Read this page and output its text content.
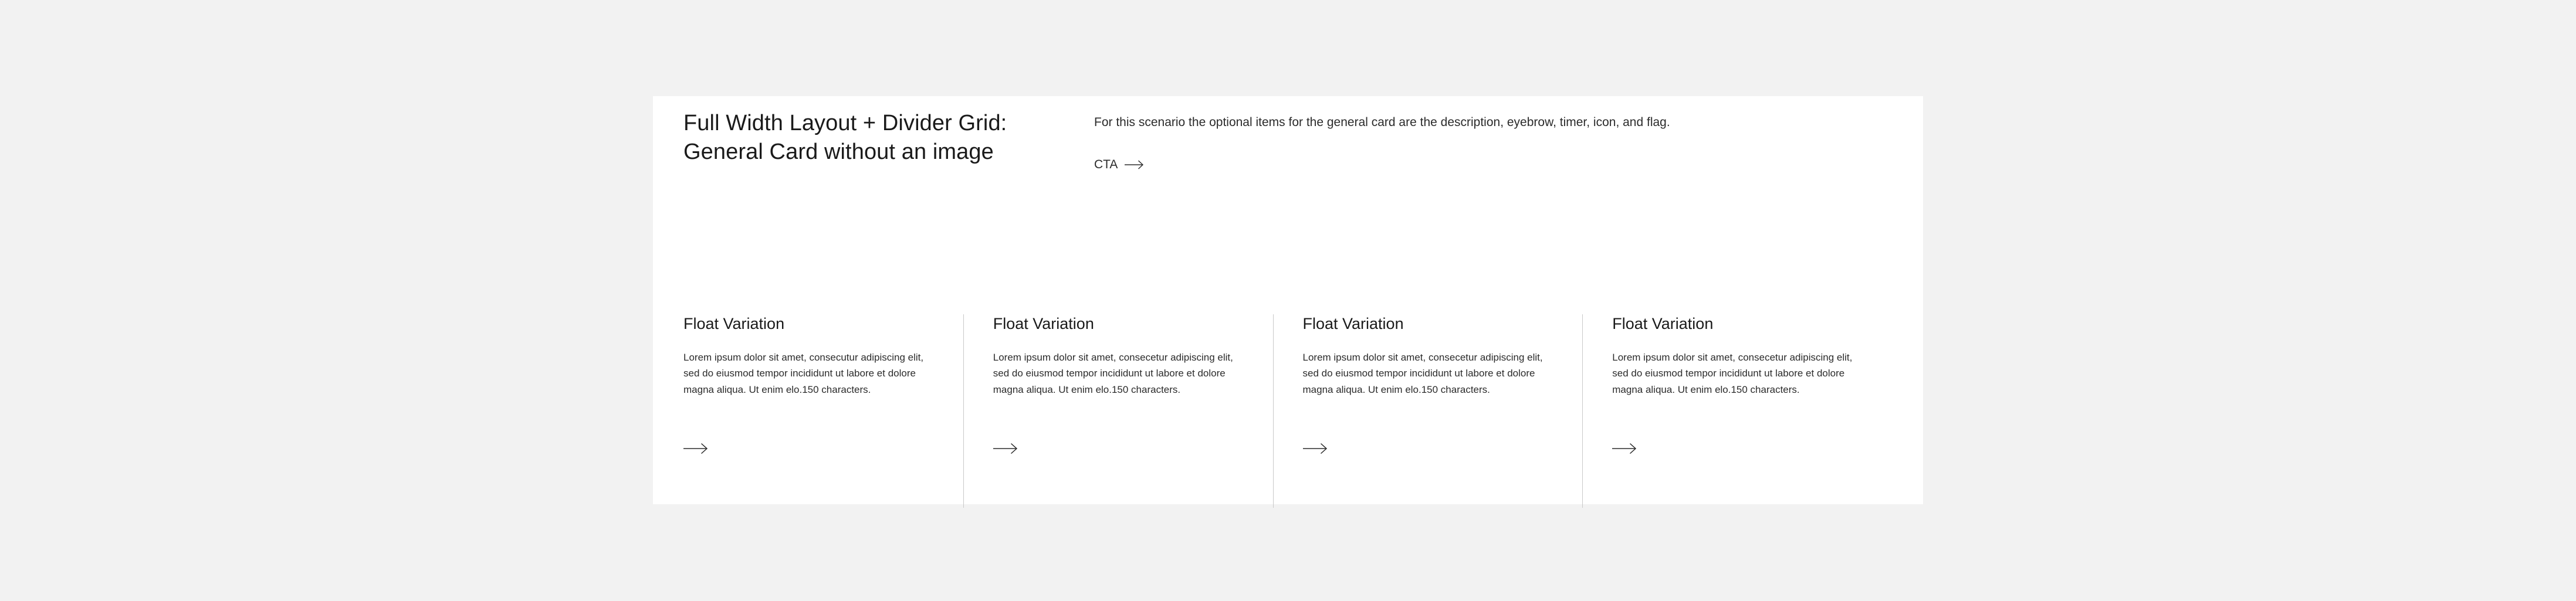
Full Width Layout + Divider Grid: General Card without an image

For this scenario the optional items for the general card are the description, eyebrow, timer, icon, and flag.

CTA
Float Variation

Lorem ipsum dolor sit amet, consecutur adipiscing elit, sed do eiusmod tempor incididunt ut labore et dolore magna aliqua. Ut enim elo.150 characters.

Float Variation

Lorem ipsum dolor sit amet, consecetur adipiscing elit, sed do eiusmod tempor incididunt ut labore et dolore magna aliqua. Ut enim elo.150 characters.

Float Variation

Lorem ipsum dolor sit amet, consecetur adipiscing elit, sed do eiusmod tempor incididunt ut labore et dolore magna aliqua. Ut enim elo.150 characters.

Float Variation

Lorem ipsum dolor sit amet, consecetur adipiscing elit, sed do eiusmod tempor incididunt ut labore et dolore magna aliqua. Ut enim elo.150 characters.
